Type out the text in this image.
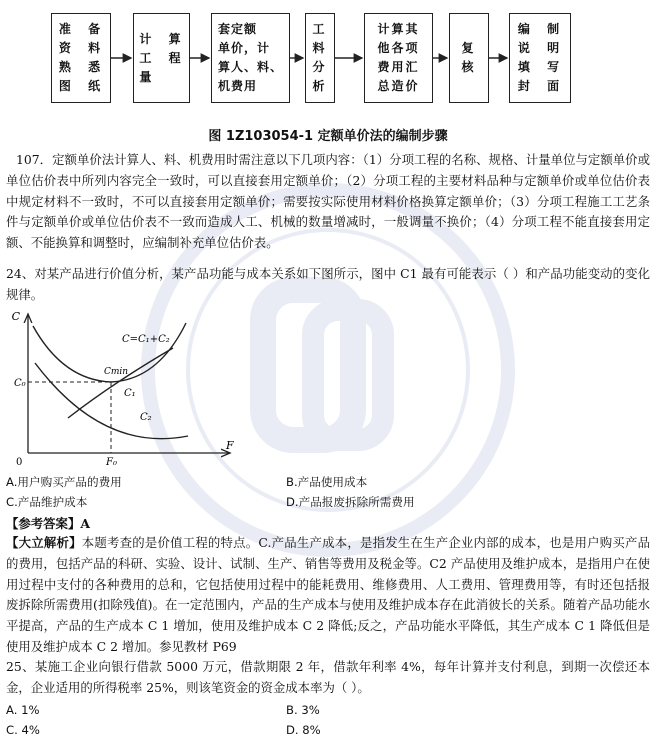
准  备
资  料
熟  悉
图  纸
计  算
工  程
量
套定额
单价，计
算人、料、
机费用
工
料
分
析
计算其
他各项
费用汇
总造价
复
核
编  制
说  明
填  写
封  面
图 1Z103054-1 定额单价法的编制步骤

107．定额单价法计算人、料、机费用时需注意以下几项内容：（1）分项工程的名称、规格、计量单位与定额单价或单位估价表中所列内容完全一致时，可以直接套用定额单价；（2）分项工程的主要材料品种与定额单价或单位估价表中规定材料不一致时，不可以直接套用定额单价；需要按实际使用材料价格换算定额单价；（3）分项工程施工工艺条件与定额单价或单位估价表不一致而造成人工、机械的数量增减时，一般调量不换价；（4）分项工程不能直接套用定额、不能换算和调整时，应编制补充单位估价表。

24、对某产品进行价值分析，某产品功能与成本关系如下图所示，图中 C1 最有可能表示（ ）和产品功能变动的变化规律。

C
F
0
C₀
F₀
Cmin
C₁
C₂
C=C₁+C₂
A.用户购买产品的费用	B.产品使用成本
C.产品维护成本	D.产品报废拆除所需费用
【参考答案】A

【大立解析】本题考查的是价值工程的特点。C.产品生产成本，是指发生在生产企业内部的成本，也是用户购买产品的费用，包括产品的科研、实验、设计、试制、生产、销售等费用及税金等。C2 产品使用及维护成本，是指用户在使用过程中支付的各种费用的总和，它包括使用过程中的能耗费用、维修费用、人工费用、管理费用等，有时还包括报废拆除所需费用(扣除残值)。在一定范围内，产品的生产成本与使用及维护成本存在此消彼长的关系。随着产品功能水平提高，产品的生产成本 C 1 增加，使用及维护成本 C 2 降低;反之，产品功能水平降低，其生产成本 C 1 降低但是使用及维护成本 C 2 增加。参见教材 P69

25、某施工企业向银行借款 5000 万元，借款期限 2 年，借款年利率 4%，每年计算并支付利息，到期一次偿还本金，企业适用的所得税率 25%，则该笔资金的资金成本率为（ ）。

A. 1%	B. 3%
C. 4%	D. 8%
